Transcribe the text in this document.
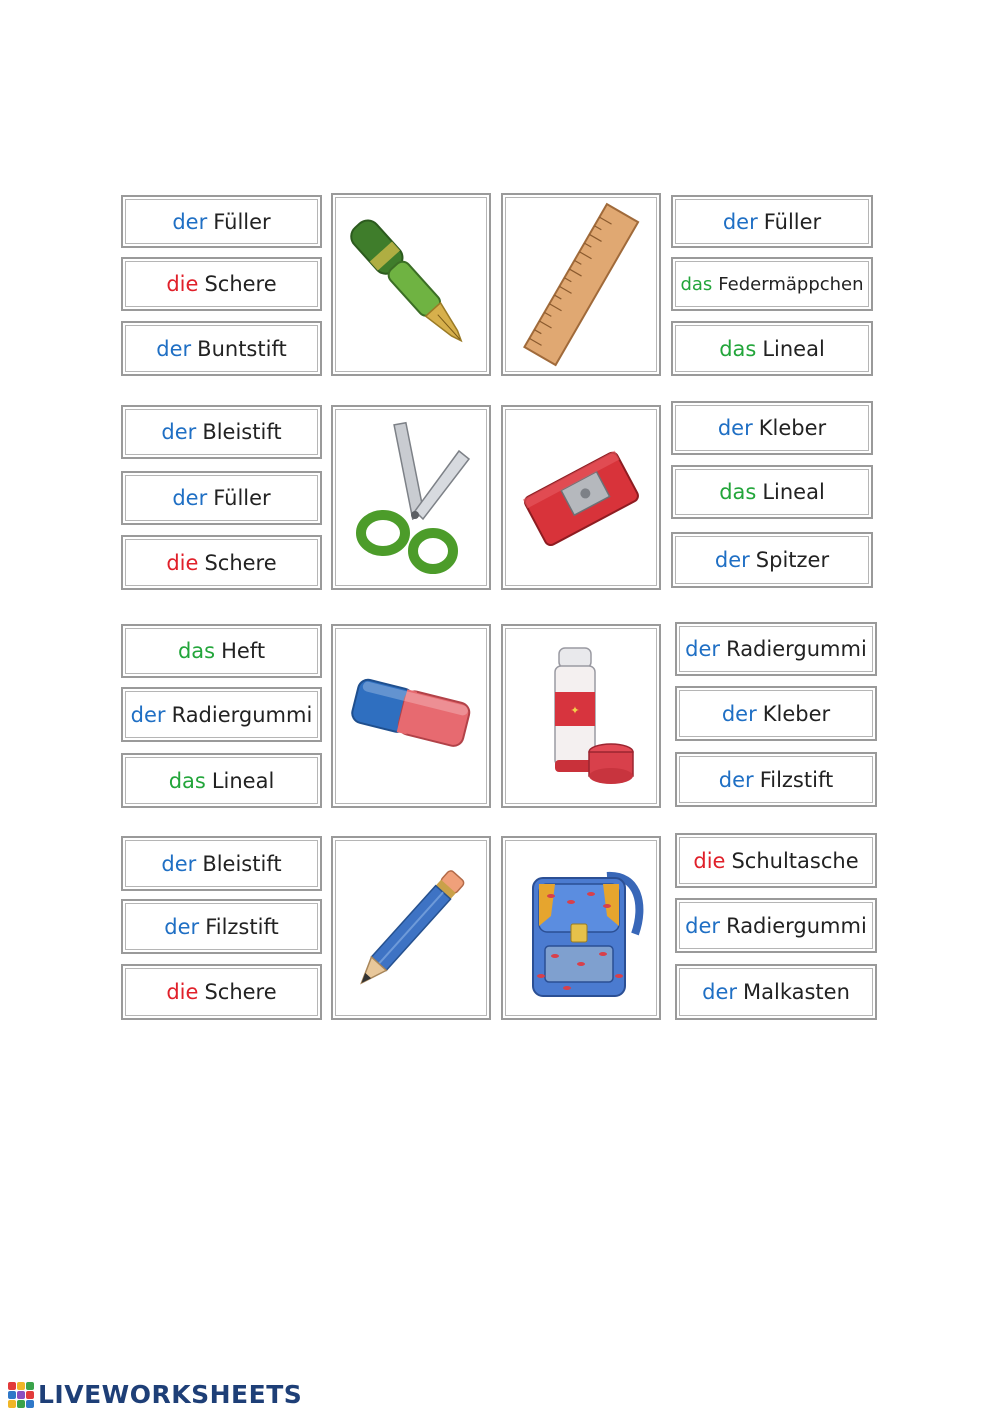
der Füller
die Schere
der Buntstift
der Füller
das Federmäppchen
das Lineal
der Bleistift
der Füller
die Schere
der Kleber
das Lineal
der Spitzer
das Heft
der Radiergummi
das Lineal
✦
der Radiergummi
der Kleber
der Filzstift
der Bleistift
der Filzstift
die Schere
die Schultasche
der Radiergummi
der Malkasten
LIVEWORKSHEETS
